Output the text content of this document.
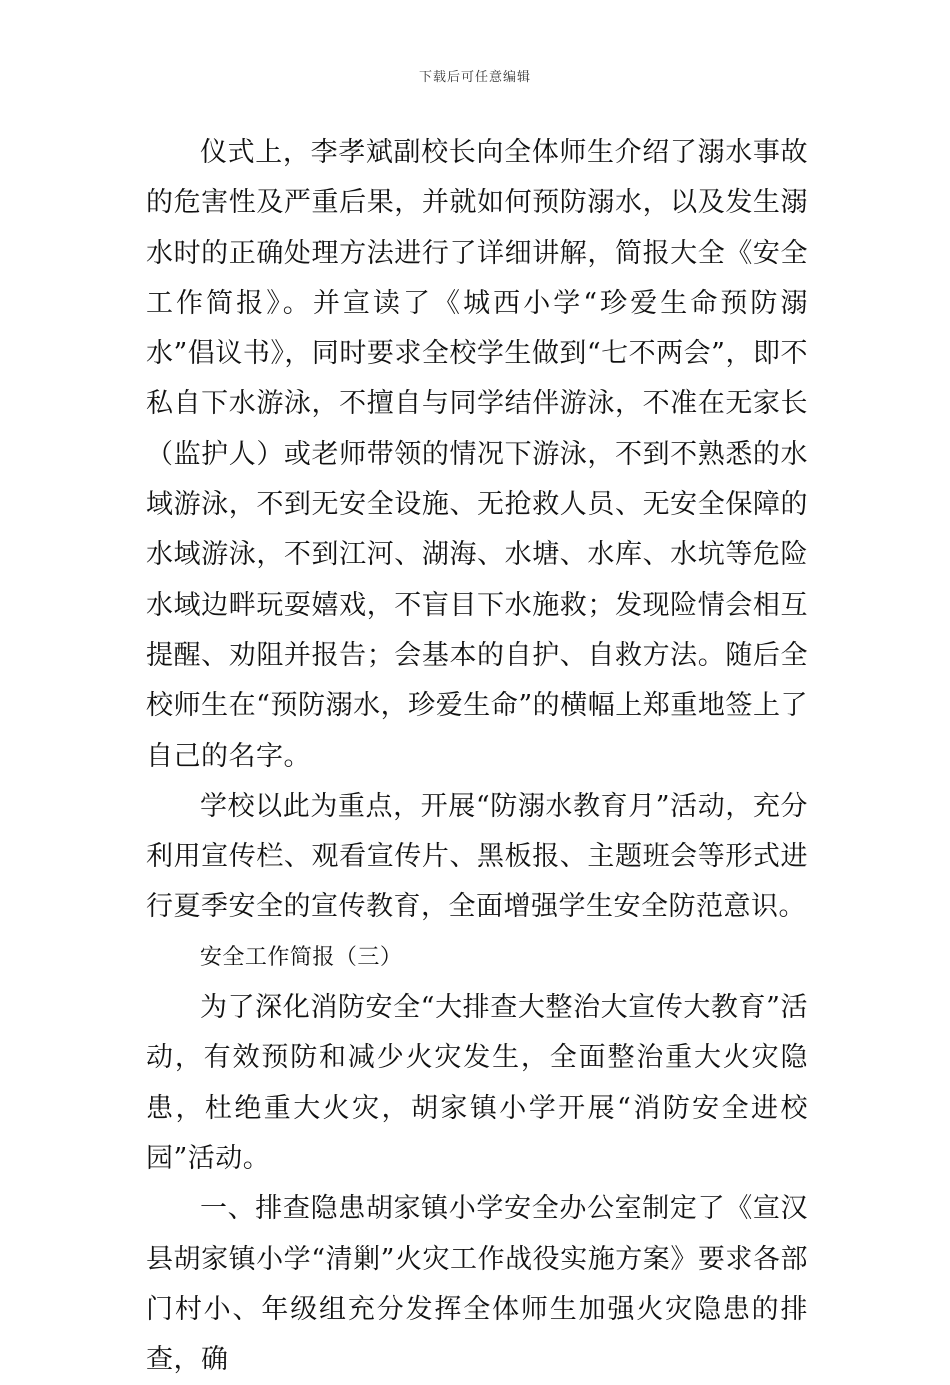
下载后可任意编辑

仪式上，李孝斌副校长向全体师生介绍了溺水事故的危害性及严重后果，并就如何预防溺水，以及发生溺水时的正确处理方法进行了详细讲解，简报大全《安全工作简报》。并宣读了《城西小学“珍爱生命预防溺水”倡议书》，同时要求全校学生做到“七不两会”，即不私自下水游泳，不擅自与同学结伴游泳，不准在无家长（监护人）或老师带领的情况下游泳，不到不熟悉的水域游泳，不到无安全设施、无抢救人员、无安全保障的水域游泳，不到江河、湖海、水塘、水库、水坑等危险水域边畔玩耍嬉戏，不盲目下水施救；发现险情会相互提醒、劝阻并报告；会基本的自护、自救方法。随后全校师生在“预防溺水，珍爱生命”的横幅上郑重地签上了自己的名字。

学校以此为重点，开展“防溺水教育月”活动，充分利用宣传栏、观看宣传片、黑板报、主题班会等形式进行夏季安全的宣传教育，全面增强学生安全防范意识。

安全工作简报（三）

为了深化消防安全“大排查大整治大宣传大教育”活动，有效预防和减少火灾发生，全面整治重大火灾隐患，杜绝重大火灾，胡家镇小学开展“消防安全进校园”活动。

一、排查隐患胡家镇小学安全办公室制定了《宣汉县胡家镇小学“清剿”火灾工作战役实施方案》要求各部门村小、年级组充分发挥全体师生加强火灾隐患的排查，确
